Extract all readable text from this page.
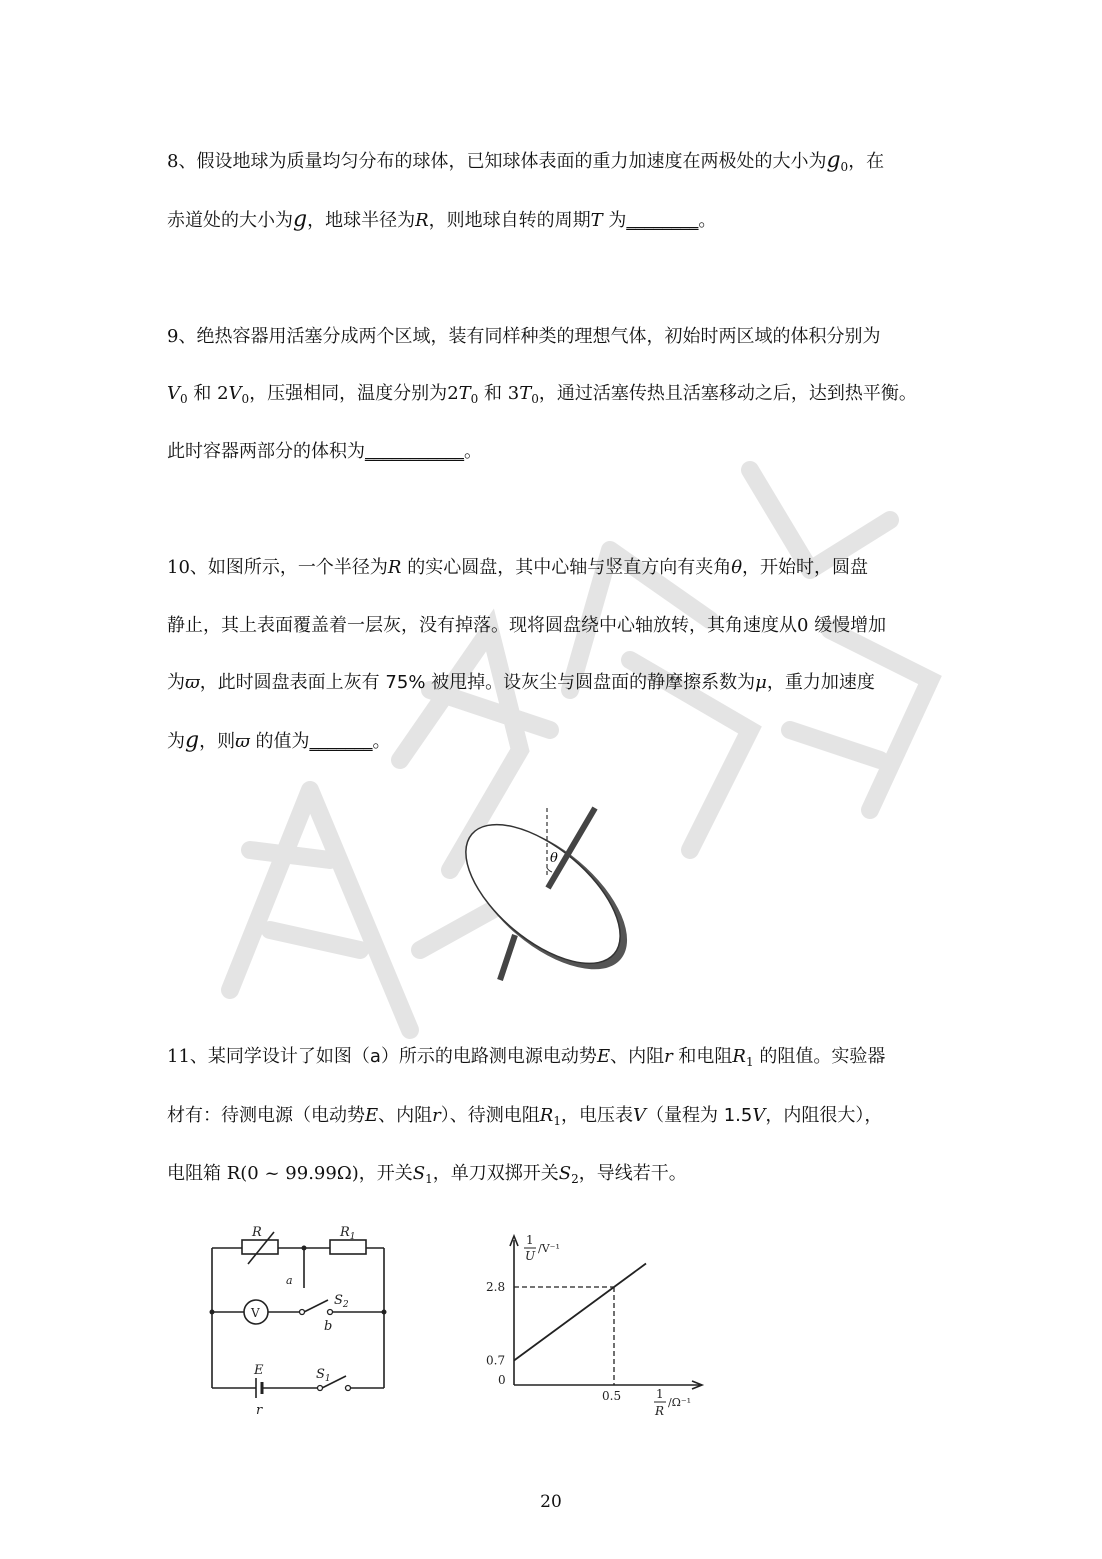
8、假设地球为质量均匀分布的球体，已知球体表面的重力加速度在两极处的大小为$g_0$，在
赤道处的大小为g，地球半径为R，则地球自转的周期T 为________。
9、绝热容器用活塞分成两个区域，装有同样种类的理想气体，初始时两区域的体积分别为
$V_0$ 和 $2V_0$，压强相同，温度分别为$2T_0$ 和 $3T_0$，通过活塞传热且活塞移动之后，达到热平衡。
此时容器两部分的体积为___________。
10、如图所示，一个半径为R 的实心圆盘，其中心轴与竖直方向有夹角θ，开始时，圆盘
静止，其上表面覆盖着一层灰，没有掉落。现将圆盘绕中心轴放转，其角速度从0 缓慢增加
为ϖ，此时圆盘表面上灰有 75% 被甩掉。设灰尘与圆盘面的静摩擦系数为μ，重力加速度
为g，则ϖ 的值为_______。
θ
11、某同学设计了如图（a）所示的电路测电源电动势E、内阻r 和电阻$R_1$ 的阻值。实验器
材有：待测电源（电动势E、内阻r）、待测电阻$R_1$，电压表V（量程为 1.5V，内阻很大），
电阻箱 R(0 ~ 99.99Ω)，开关$S_1$，单刀双掷开关$S_2$，导线若干。
R	$R_1$
a
V
$S_2$
b
E	$S_1$
r
1
U
/V⁻¹
1
R
/Ω⁻¹
2.8
0.7
0
0.5
20
